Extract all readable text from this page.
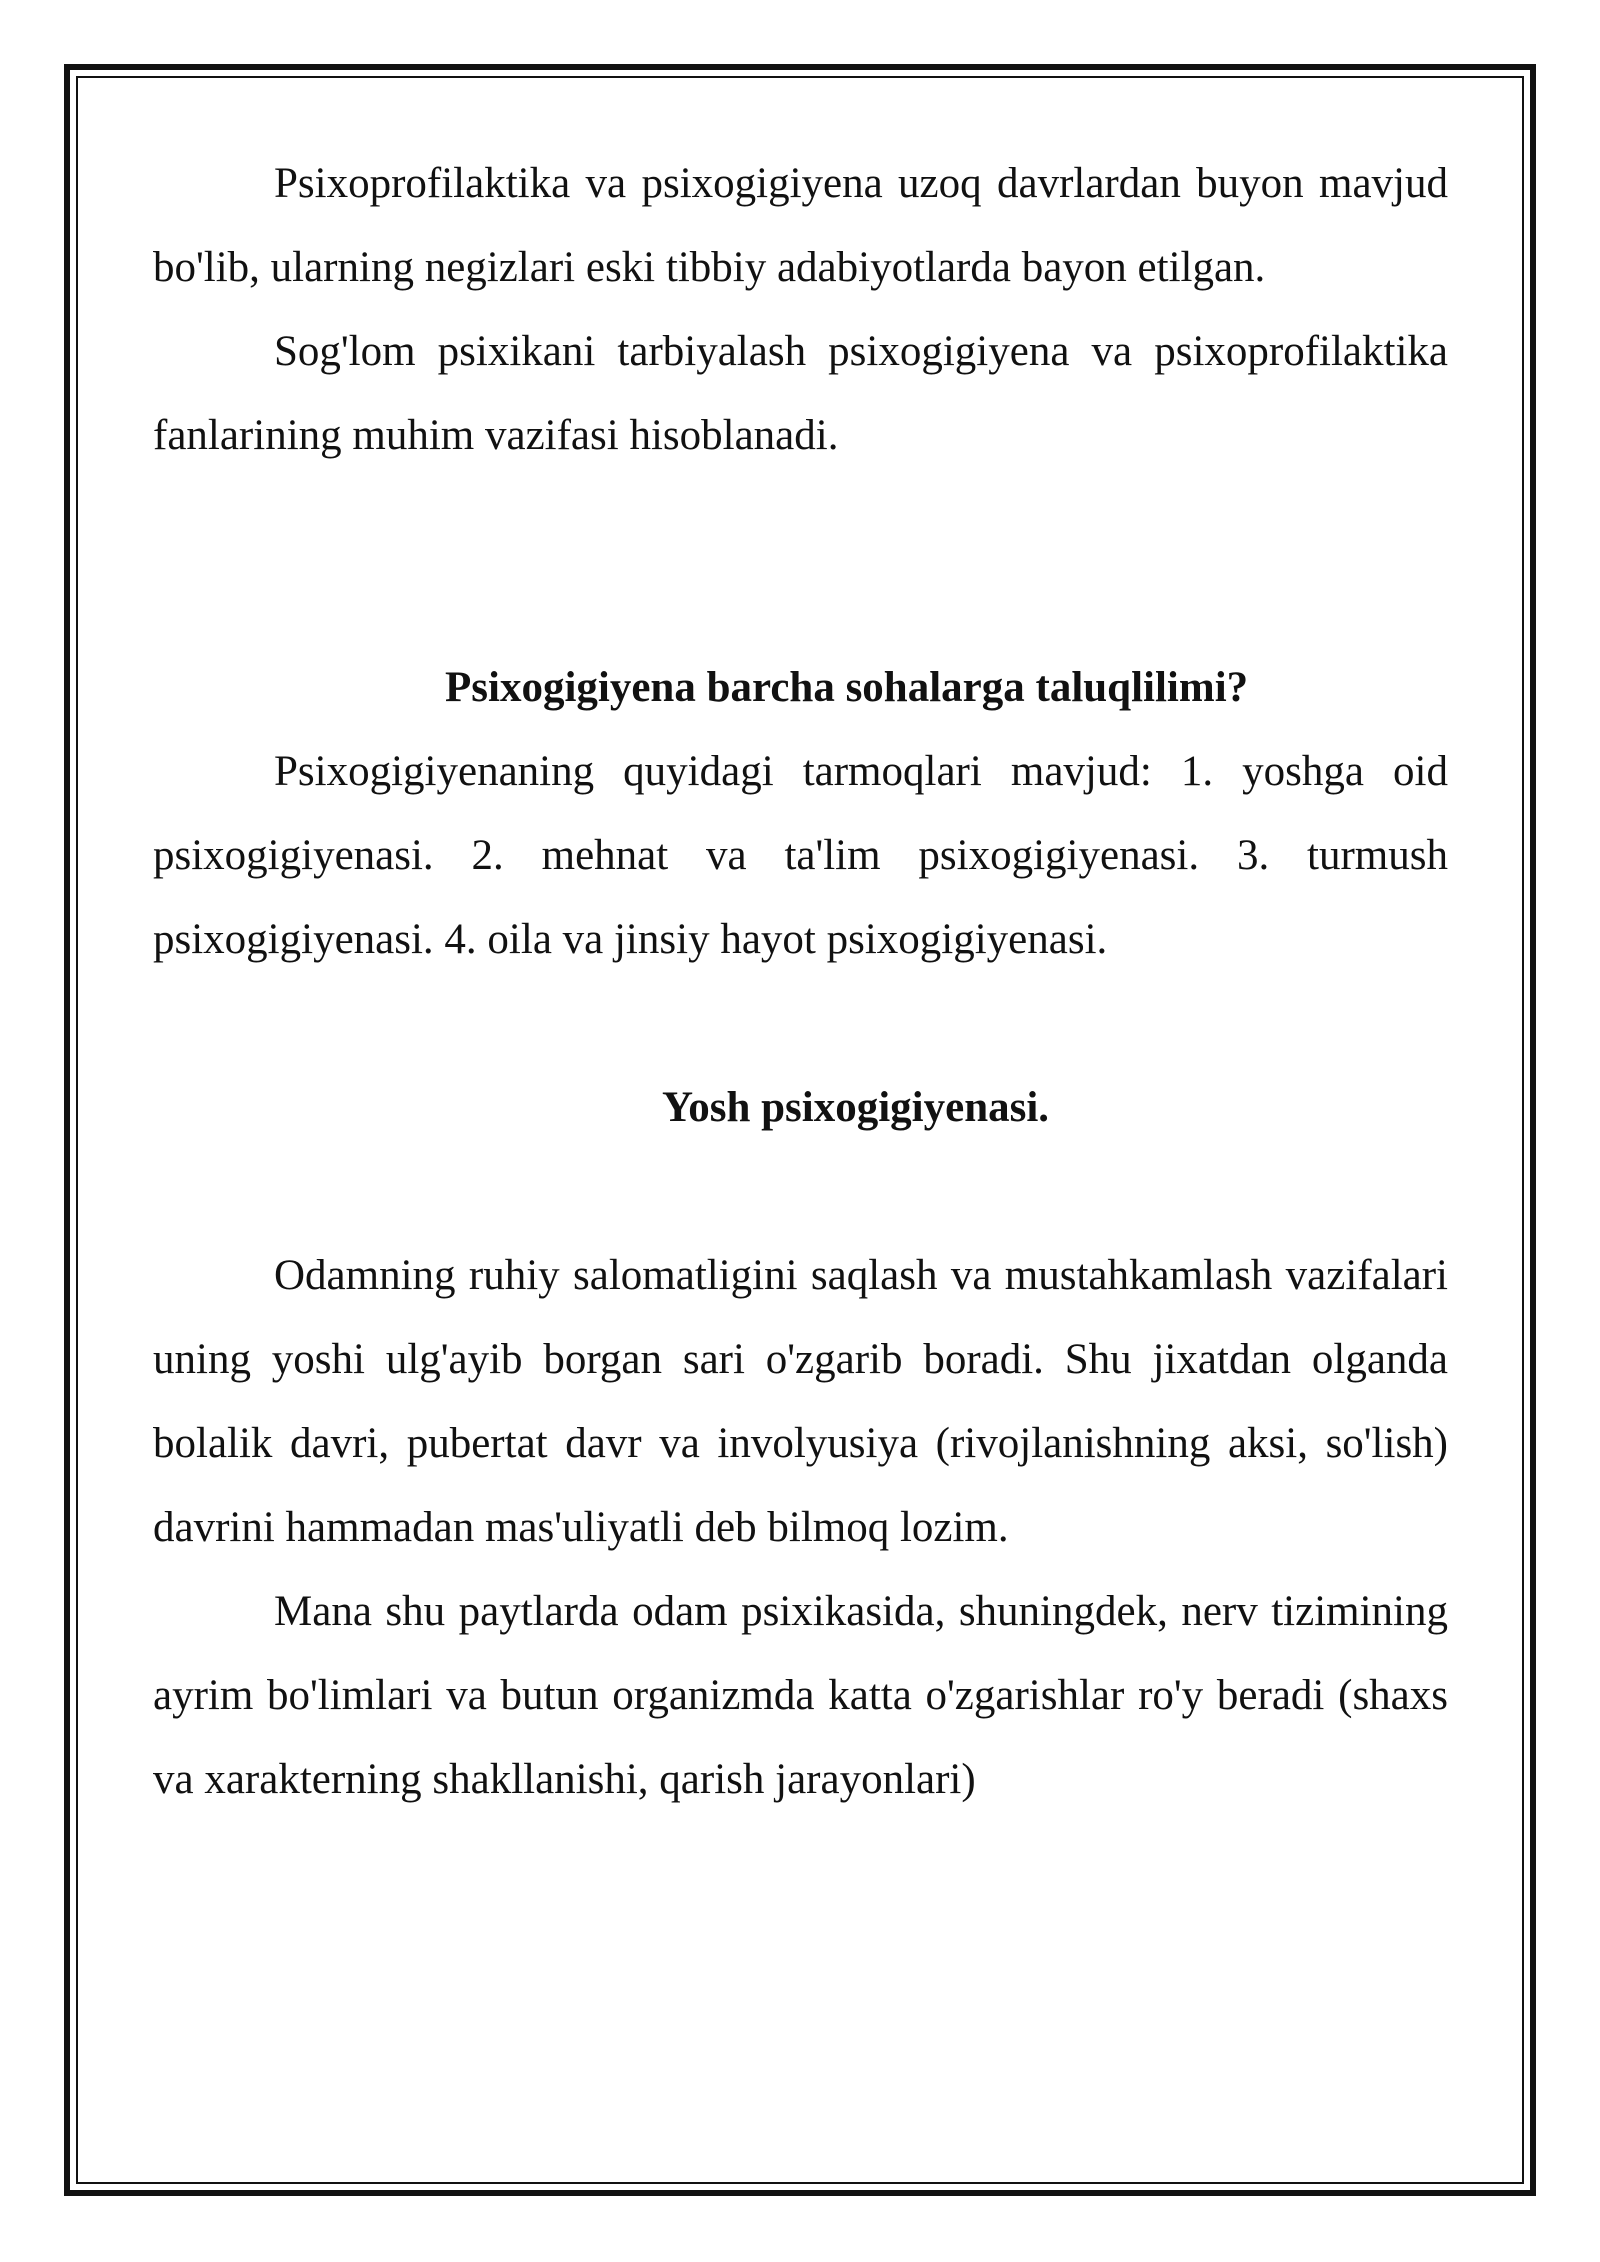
Psixoprofilaktika va psixogigiyena uzoq davrlardan buyon mavjud bo'lib, ularning negizlari eski tibbiy adabiyotlarda bayon etilgan.

Sog'lom psixikani tarbiyalash psixogigiyena va psixoprofilaktika fanlarining muhim vazifasi hisoblanadi.

Psixogigiyena barcha sohalarga taluqlilimi?

Psixogigiyenaning quyidagi tarmoqlari mavjud: 1. yoshga oid psixogigiyenasi. 2. mehnat va ta'lim psixogigiyenasi. 3. turmush psixogigiyenasi. 4. oila va jinsiy hayot psixogigiyenasi.

Yosh psixogigiyenasi.

Odamning ruhiy salomatligini saqlash va mustahkamlash vazifalari uning yoshi ulg'ayib borgan sari o'zgarib boradi. Shu jixatdan olganda bolalik davri, pubertat davr va involyusiya (rivojlanishning aksi, so'lish) davrini hammadan mas'uliyatli deb bilmoq lozim.

Mana shu paytlarda odam psixikasida, shuningdek, nerv tizimining ayrim bo'limlari va butun organizmda katta o'zgarishlar ro'y beradi (shaxs va xarakterning shakllanishi, qarish jarayonlari)
